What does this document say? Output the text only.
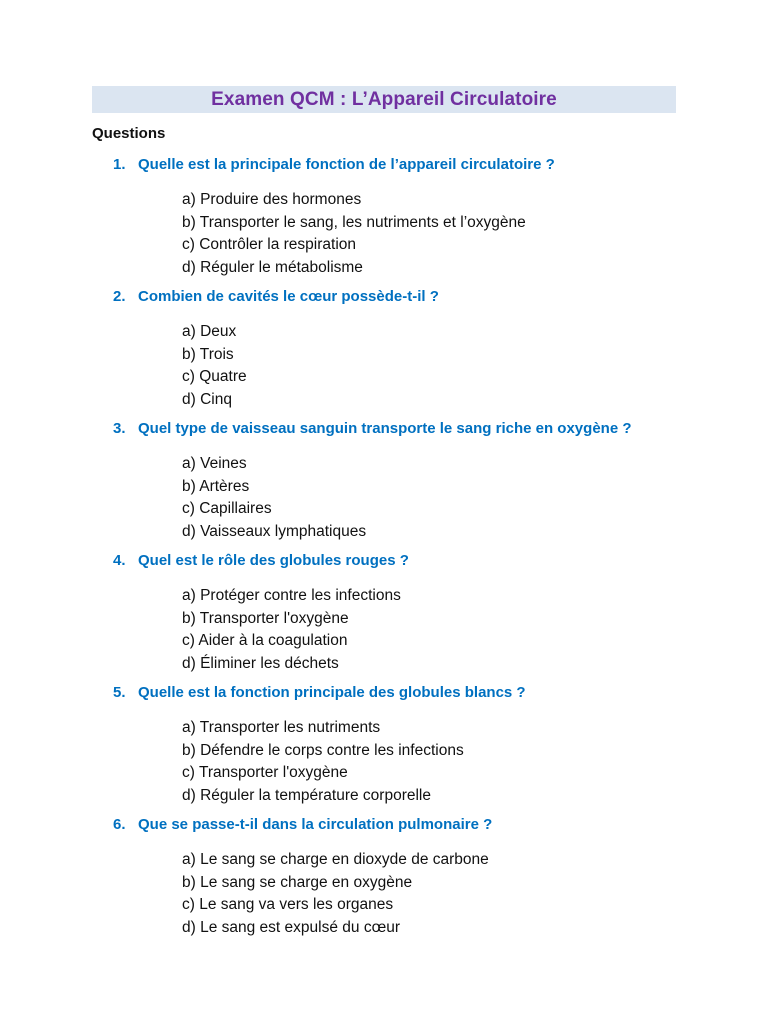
Examen QCM : L’Appareil Circulatoire
Questions
1. Quelle est la principale fonction de l’appareil circulatoire ?
a) Produire des hormones
b) Transporter le sang, les nutriments et l’oxygène
c) Contrôler la respiration
d) Réguler le métabolisme
2. Combien de cavités le cœur possède-t-il ?
a) Deux
b) Trois
c) Quatre
d) Cinq
3. Quel type de vaisseau sanguin transporte le sang riche en oxygène ?
a) Veines
b) Artères
c) Capillaires
d) Vaisseaux lymphatiques
4. Quel est le rôle des globules rouges ?
a) Protéger contre les infections
b) Transporter l'oxygène
c) Aider à la coagulation
d) Éliminer les déchets
5. Quelle est la fonction principale des globules blancs ?
a) Transporter les nutriments
b) Défendre le corps contre les infections
c) Transporter l'oxygène
d) Réguler la température corporelle
6. Que se passe-t-il dans la circulation pulmonaire ?
a) Le sang se charge en dioxyde de carbone
b) Le sang se charge en oxygène
c) Le sang va vers les organes
d) Le sang est expulsé du cœur
